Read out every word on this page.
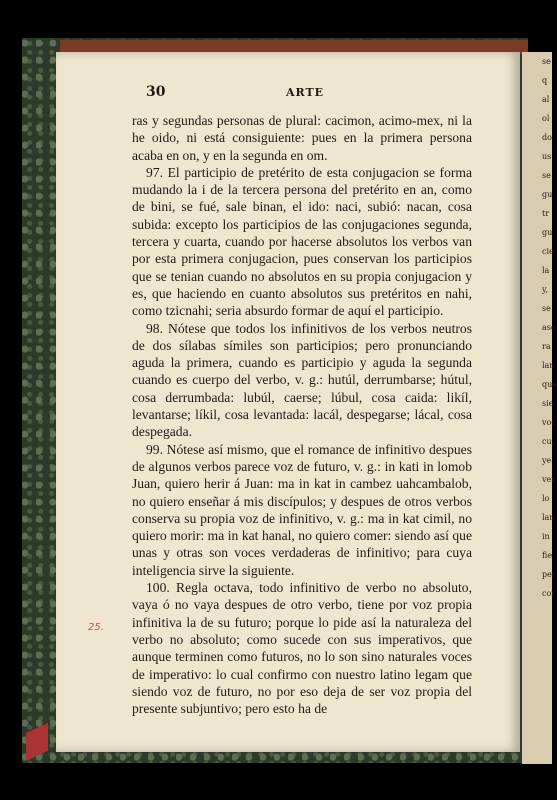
se
q
al
ol
do
us
se
gu
tr
gu
cie
la
y,
se
aso
ra
lan
que
sie
voc
cu,
ye
ver
lo
lan
in
fie
per
cor
30	ARTE

ras y segundas personas de plural: cacimon, acimo-mex, ni la he oido, ni está consiguiente: pues en la primera persona acaba en on, y en la segunda en om.

97. El participio de pretérito de esta conjugacion se forma mudando la i de la tercera persona del pretérito en an, como de bini, se fué, sale binan, el ido: naci, subió: nacan, cosa subida: excepto los participios de las conjugaciones segunda, tercera y cuarta, cuando por hacerse absolutos los verbos van por esta primera conjugacion, pues conservan los participios que se tenian cuando no absolutos en su propia conjugacion y es, que haciendo en cuanto absolutos sus pretéritos en nahi, como tzicnahi; seria absurdo formar de aquí el participio.

98. Nótese que todos los infinitivos de los verbos neutros de dos sílabas símiles son participios; pero pronunciando aguda la primera, cuando es participio y aguda la segunda cuando es cuerpo del verbo, v. g.: hutúl, derrumbarse; hútul, cosa derrumbada: lubúl, caerse; lúbul, cosa caida: likíl, levantarse; líkil, cosa levantada: lacál, despegarse; lácal, cosa despegada.

99. Nótese así mismo, que el romance de infinitivo despues de algunos verbos parece voz de futuro, v. g.: in kati in lomob Juan, quiero herir á Juan: ma in kat in cambez uahcambalob, no quiero enseñar á mis discípulos; y despues de otros verbos conserva su propia voz de infinitivo, v. g.: ma in kat cimil, no quiero morir: ma in kat hanal, no quiero comer: siendo así que unas y otras son voces verdaderas de infinitivo; para cuya inteligencia sirve la siguiente.

100. Regla octava, todo infinitivo de verbo no absoluto, vaya ó no vaya despues de otro verbo, tiene por voz propia infinitiva la de su futuro; porque lo pide así la naturaleza del verbo no absoluto; como sucede con sus imperativos, que aunque terminen como futuros, no lo son sino naturales voces de imperativo: lo cual confirmo con nuestro latino legam que siendo voz de futuro, no por eso deja de ser voz propia del presente subjuntivo; pero esto ha de

25.
